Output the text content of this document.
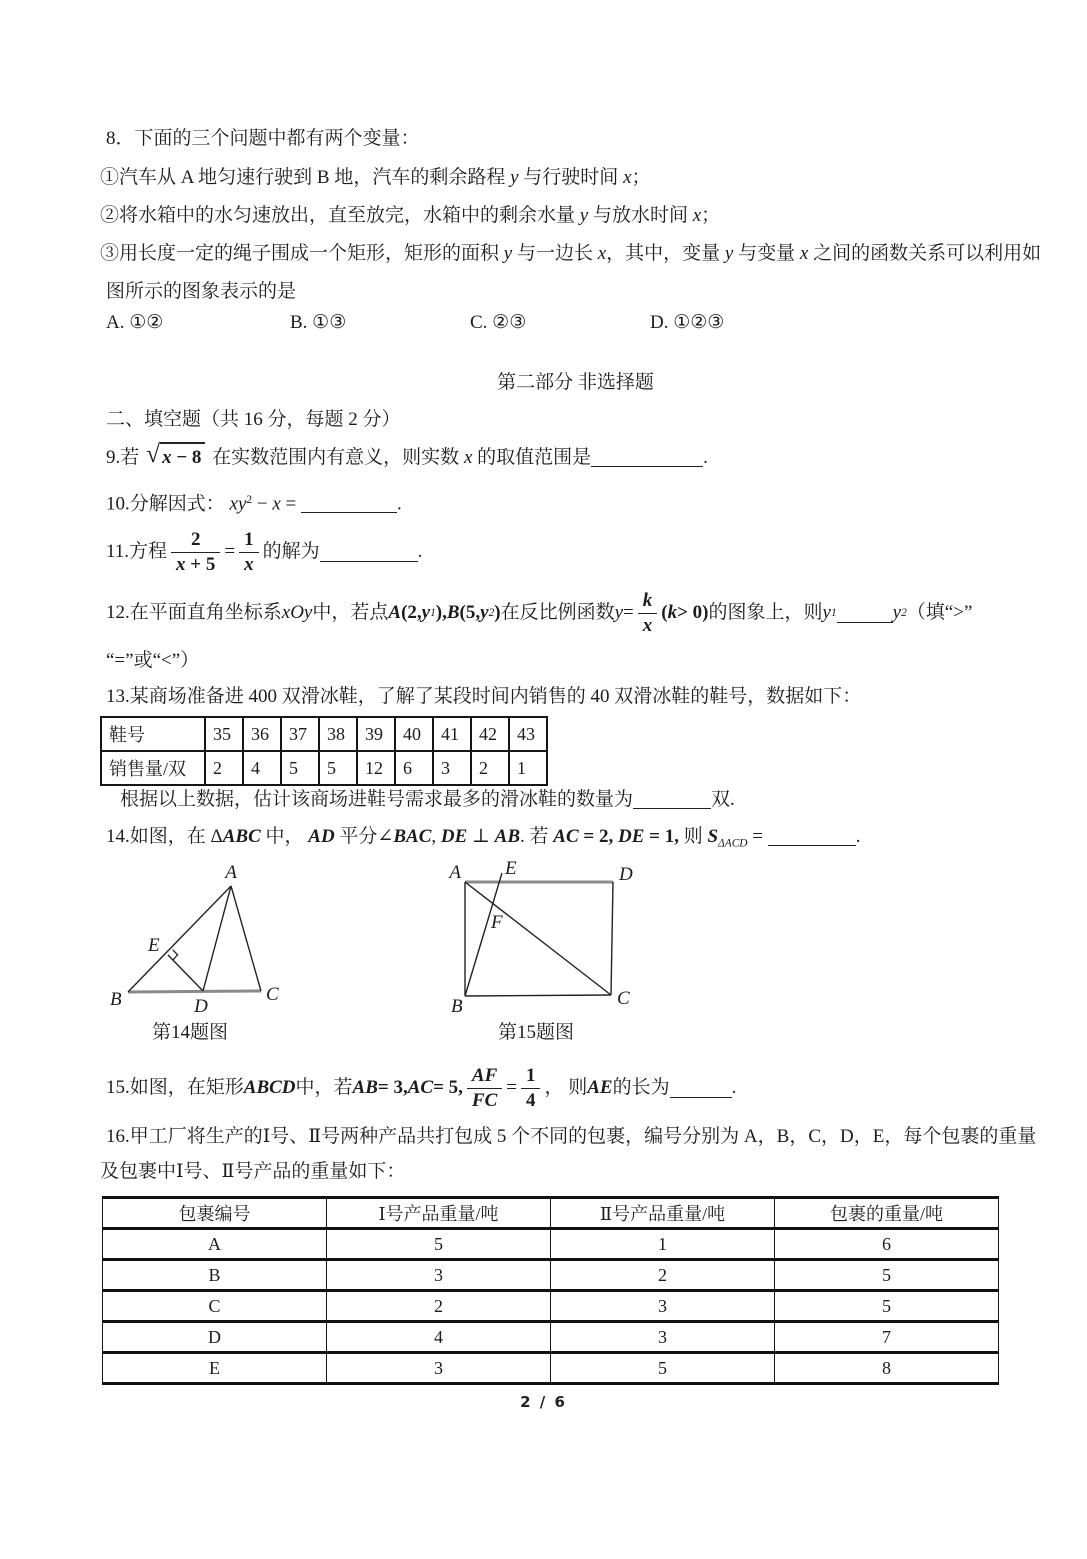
8．下面的三个问题中都有两个变量：
①汽车从 A 地匀速行驶到 B 地，汽车的剩余路程 y 与行驶时间 x；
②将水箱中的水匀速放出，直至放完，水箱中的剩余水量 y 与放水时间 x；
③用长度一定的绳子围成一个矩形，矩形的面积 y 与一边长 x，其中，变量 y 与变量 x 之间的函数关系可以利用如
图所示的图象表示的是
A. ①②	B. ①③	C. ②③	D. ①②③
第二部分 非选择题
二、填空题（共 16 分，每题 2 分）
9.若 √ x − 8 在实数范围内有意义，则实数 x 的取值范围是	.
10.分解因式： $xy^2 - x$ =	.
11.方程 $\frac{2}{x + 5} = \frac{1}{x}$ 的解为	.
12.在平面直角坐标系 xOy 中，若点 A (2, y 1 ), B (5, y 2 ) 在反比例函数 $y = \frac{k}{x}$ ( k > 0) 的图象上，则 y 1	y 2 （填“>”
“=”或“<”）
13.某商场准备进 400 双滑冰鞋，了解了某段时间内销售的 40 双滑冰鞋的鞋号，数据如下：
鞋号	35	36	37	38	39	40	41	42	43
销售量/双	2	4	5	5	12	6	3	2	1
根据以上数据，估计该商场进鞋号需求最多的滑冰鞋的数量为	双.
14.如图，在 ΔABC 中， AD 平分∠BAC, DE ⊥ AB. 若 AC = 2, DE = 1, 则 $S_{\Delta ACD}$ =	.
A
B	C
D
E
第14题图
A E	D
B	C
F
第15题图
15.如图，在矩形 ABCD 中，若 AB = 3, AC = 5, $\frac{AF}{FC} = \frac{1}{4}$ ， 则 AE 的长为	.
16.甲工厂将生产的Ⅰ号、Ⅱ号两种产品共打包成 5 个不同的包裹，编号分别为 A，B，C，D，E，每个包裹的重量
及包裹中Ⅰ号、Ⅱ号产品的重量如下：
包裹编号	Ⅰ号产品重量/吨	Ⅱ号产品重量/吨	包裹的重量/吨
A	5	1	6
B	3	2	5
C	2	3	5
D	4	3	7
E	3	5	8
2 / 6
